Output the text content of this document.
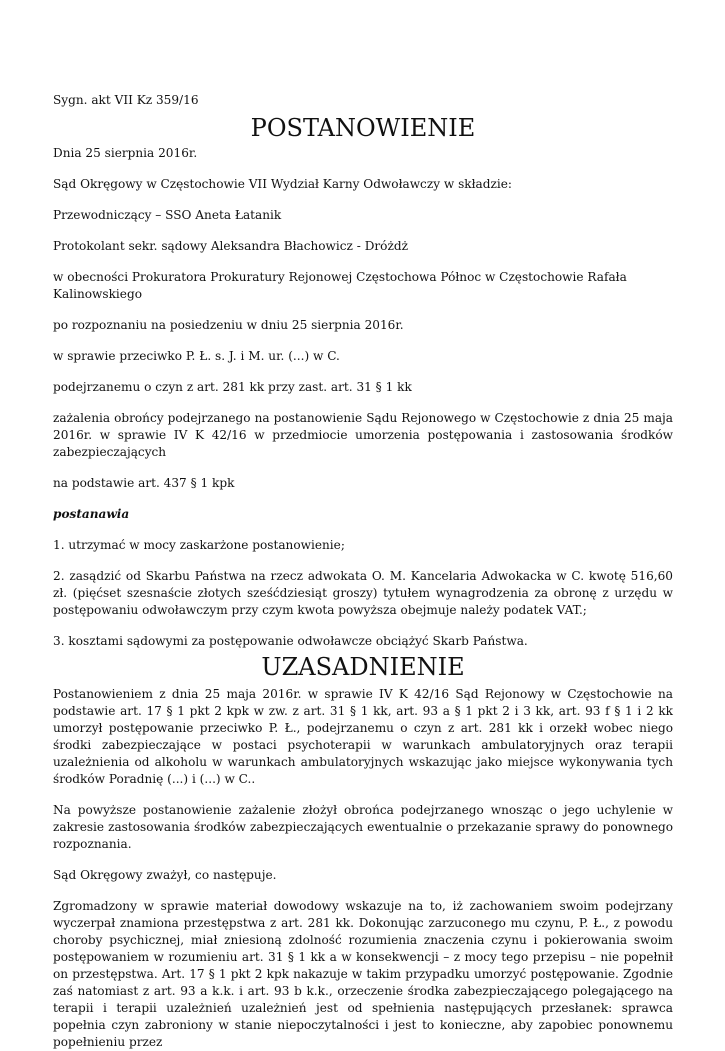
Sygn. akt VII Kz 359/16

POSTANOWIENIE

Dnia 25 sierpnia 2016r.

Sąd Okręgowy w Częstochowie VII Wydział Karny Odwoławczy w składzie:

Przewodniczący – SSO Aneta Łatanik

Protokolant sekr. sądowy Aleksandra Błachowicz - Dróżdż

w obecności Prokuratora Prokuratury Rejonowej Częstochowa Północ w Częstochowie Rafała Kalinowskiego

po rozpoznaniu na posiedzeniu w dniu 25 sierpnia 2016r.

w sprawie przeciwko P. Ł. s. J. i M. ur. (...) w C.

podejrzanemu o czyn z art. 281 kk przy zast. art. 31 § 1 kk

zażalenia obrońcy podejrzanego na postanowienie Sądu Rejonowego w Częstochowie z dnia 25 maja 2016r. w sprawie IV K 42/16 w przedmiocie umorzenia postępowania i zastosowania środków zabezpieczających

na podstawie art. 437 § 1 kpk

postanawia

1. utrzymać w mocy zaskarżone postanowienie;

2. zasądzić od Skarbu Państwa na rzecz adwokata O. M. Kancelaria Adwokacka w C. kwotę 516,60 zł. (pięćset szesnaście złotych sześćdziesiąt groszy) tytułem wynagrodzenia za obronę z urzędu w postępowaniu odwoławczym przy czym kwota powyższa obejmuje należy podatek VAT.;

3. kosztami sądowymi za postępowanie odwoławcze obciążyć Skarb Państwa.

UZASADNIENIE

Postanowieniem z dnia 25 maja 2016r. w sprawie IV K 42/16 Sąd Rejonowy w Częstochowie na podstawie art. 17 § 1 pkt 2 kpk w zw. z art. 31 § 1 kk, art. 93 a § 1 pkt 2 i 3 kk, art. 93 f § 1 i 2 kk umorzył postępowanie przeciwko P. Ł., podejrzanemu o czyn z art. 281 kk i orzekł wobec niego środki zabezpieczające w postaci psychoterapii w warunkach ambulatoryjnych oraz terapii uzależnienia od alkoholu w warunkach ambulatoryjnych wskazując jako miejsce wykonywania tych środków Poradnię (...) i (...) w C..

Na powyższe postanowienie zażalenie złożył obrońca podejrzanego wnosząc o jego uchylenie w zakresie zastosowania środków zabezpieczających ewentualnie o przekazanie sprawy do ponownego rozpoznania.

Sąd Okręgowy zważył, co następuje.

Zgromadzony w sprawie materiał dowodowy wskazuje na to, iż zachowaniem swoim podejrzany wyczerpał znamiona przestępstwa z art. 281 kk. Dokonując zarzuconego mu czynu, P. Ł., z powodu choroby psychicznej, miał zniesioną zdolność rozumienia znaczenia czynu i pokierowania swoim postępowaniem w rozumieniu art. 31 § 1 kk a w konsekwencji – z mocy tego przepisu – nie popełnił on przestępstwa. Art. 17 § 1 pkt 2 kpk nakazuje w takim przypadku umorzyć postępowanie. Zgodnie zaś natomiast z art. 93 a k.k. i art. 93 b k.k., orzeczenie środka zabezpieczającego polegającego na terapii i terapii uzależnień uzależnień jest od spełnienia następujących przesłanek: sprawca popełnia czyn zabroniony w stanie niepoczytalności i jest to konieczne, aby zapobiec ponownemu popełnieniu przez
